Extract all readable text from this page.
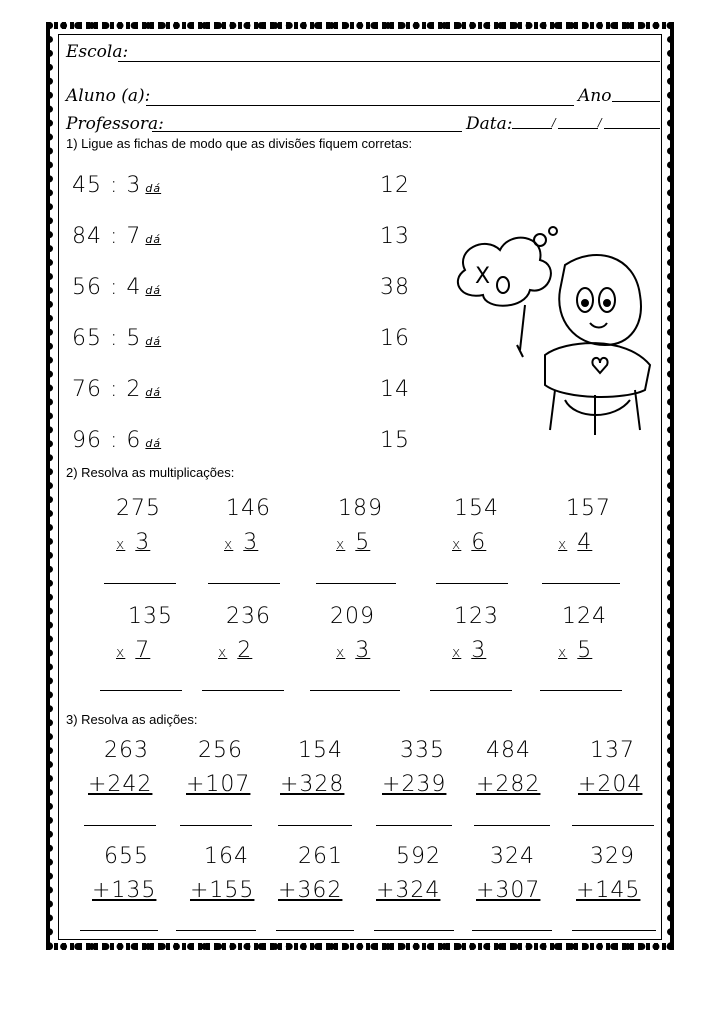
Escola:
Aluno (a):	Ano
Professora:	Data:	/	/
1) Ligue as fichas de modo que as divisões fiquem corretas:
45 : 3 dá
84 : 7 dá
56 : 4 dá
65 : 5 dá
76 : 2 dá
96 : 6 dá
12
13
38
16
14
15
X
2) Resolva as multiplicações:
275	146	189	154	157
x 3	x 3	x 5	x 6	x 4
135 236	209	123	124
x 7	x 2	x 3	x 3	x 5
3) Resolva as adições:
263 256	154	335 484	137
+242 +107 +328 +239 +282 +204
655	164 261 592 324	329
+135 +155 +362 +324 +307 +145
